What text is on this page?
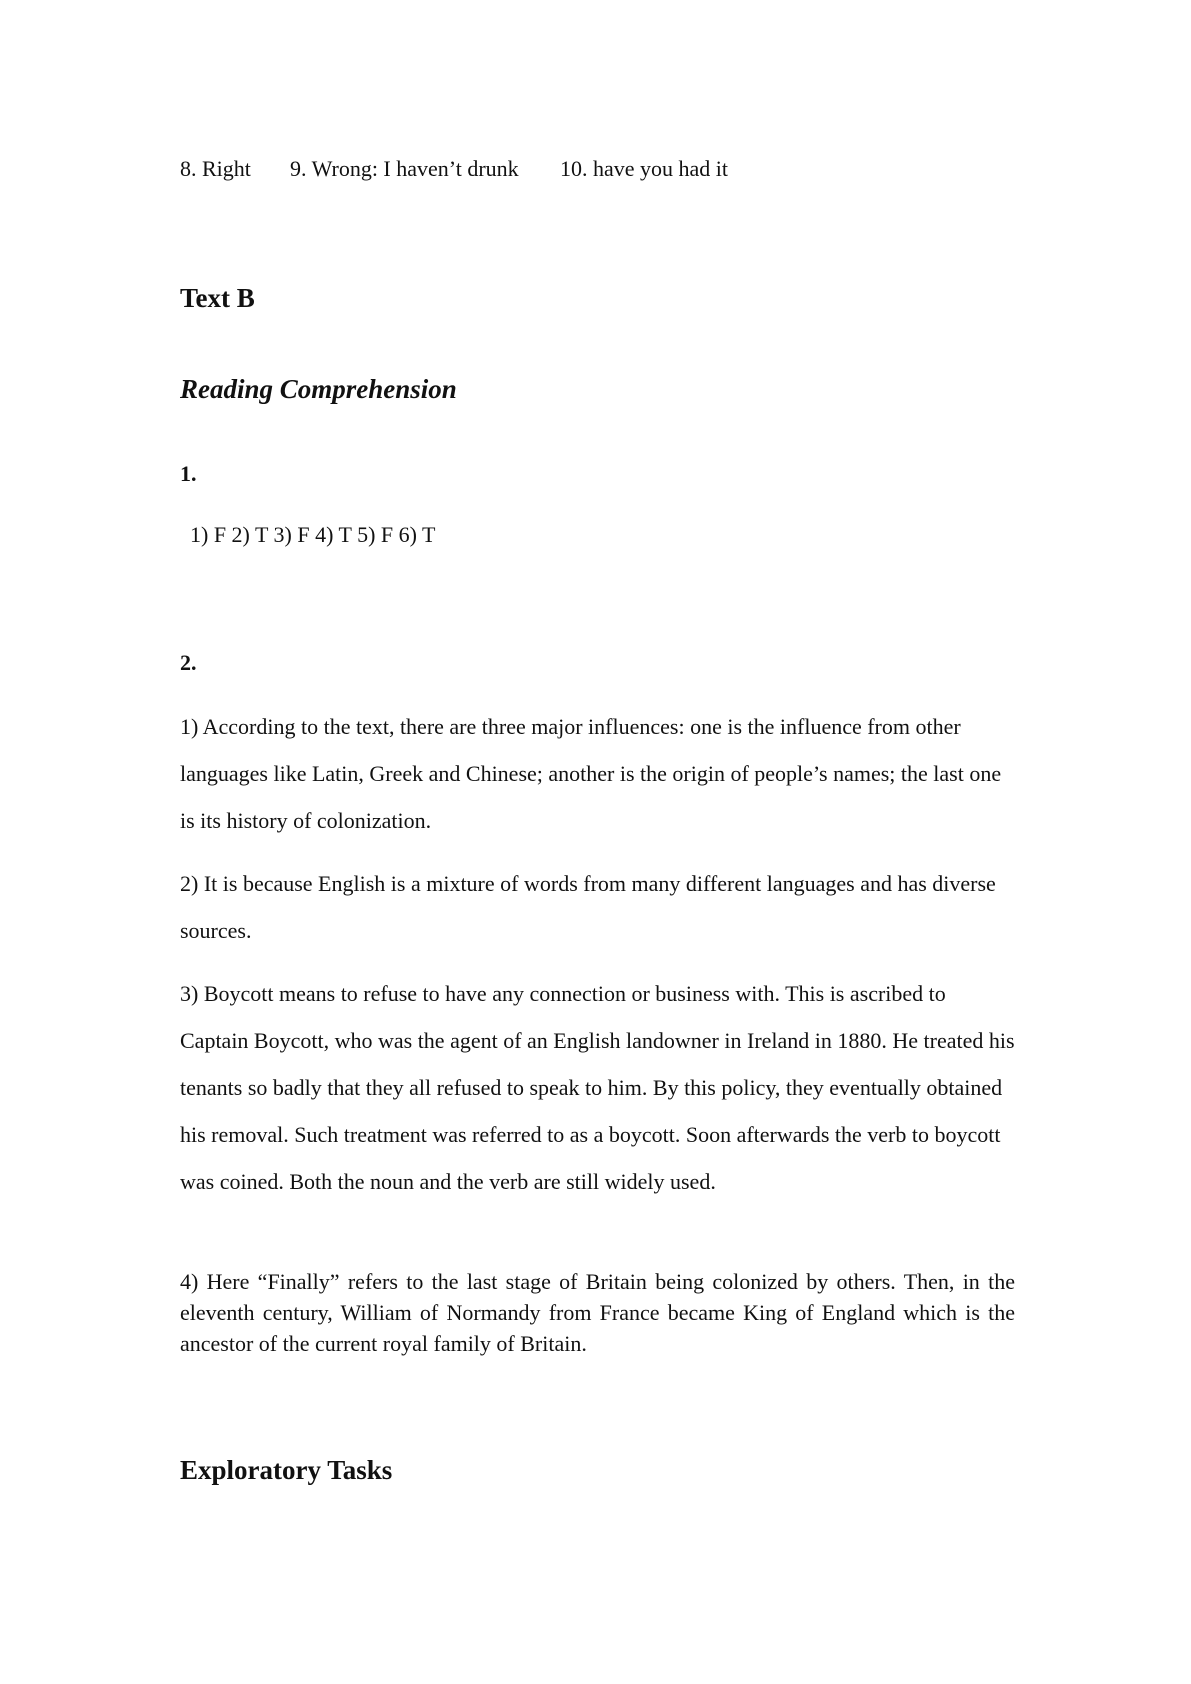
8. Right 9. Wrong: I haven’t drunk 10. have you had it

Text B
Reading Comprehension

1.

1) F 2) T 3) F 4) T 5) F 6) T

2.

1) According to the text, there are three major influences: one is the influence from other languages like Latin, Greek and Chinese; another is the origin of people’s names; the last one is its history of colonization.

2) It is because English is a mixture of words from many different languages and has diverse sources.

3) Boycott means to refuse to have any connection or business with. This is ascribed to Captain Boycott, who was the agent of an English landowner in Ireland in 1880. He treated his tenants so badly that they all refused to speak to him. By this policy, they eventually obtained his removal. Such treatment was referred to as a boycott. Soon afterwards the verb to boycott was coined. Both the noun and the verb are still widely used.

4) Here “Finally” refers to the last stage of Britain being colonized by others. Then, in the eleventh century, William of Normandy from France became King of England which is the ancestor of the current royal family of Britain.

Exploratory Tasks
